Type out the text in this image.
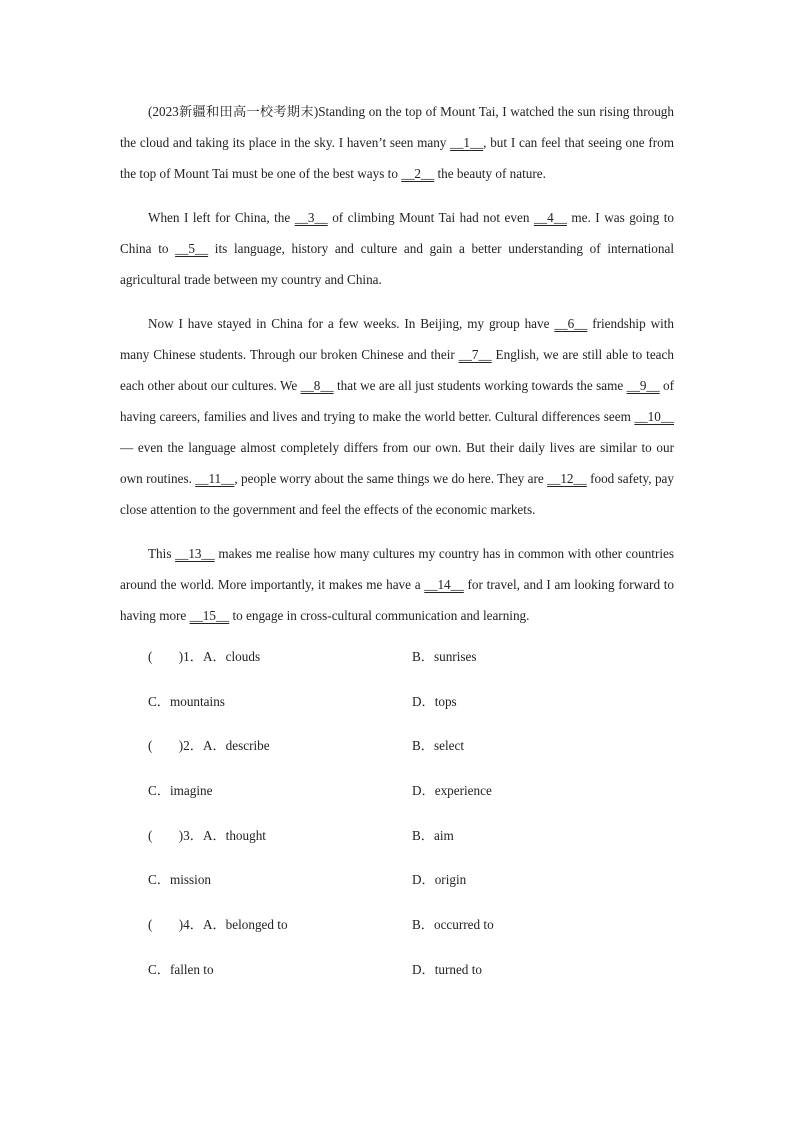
(2023新疆和田高一校考期末)Standing on the top of Mount Tai, I watched the sun rising through the cloud and taking its place in the sky. I haven’t seen many __1__, but I can feel that seeing one from the top of Mount Tai must be one of the best ways to __2__ the beauty of nature.
When I left for China, the __3__ of climbing Mount Tai had not even __4__ me. I was going to China to __5__ its language, history and culture and gain a better understanding of international agricultural trade between my country and China.
Now I have stayed in China for a few weeks. In Beijing, my group have __6__ friendship with many Chinese students. Through our broken Chinese and their __7__ English, we are still able to teach each other about our cultures. We __8__ that we are all just students working towards the same __9__ of having careers, families and lives and trying to make the world better. Cultural differences seem __10__ — even the language almost completely differs from our own. But their daily lives are similar to our own routines. __11__, people worry about the same things we do here. They are __12__ food safety, pay close attention to the government and feel the effects of the economic markets.
This __13__ makes me realise how many cultures my country has in common with other countries around the world. More importantly, it makes me have a __14__ for travel, and I am looking forward to having more __15__ to engage in cross-cultural communication and learning.
(　　)1．A．clouds	B．sunrises
C．mountains	D．tops
(　　)2．A．describe	B．select
C．imagine	D．experience
(　　)3．A．thought	B．aim
C．mission	D．origin
(　　)4．A．belonged to	B．occurred to
C．fallen to	D．turned to
